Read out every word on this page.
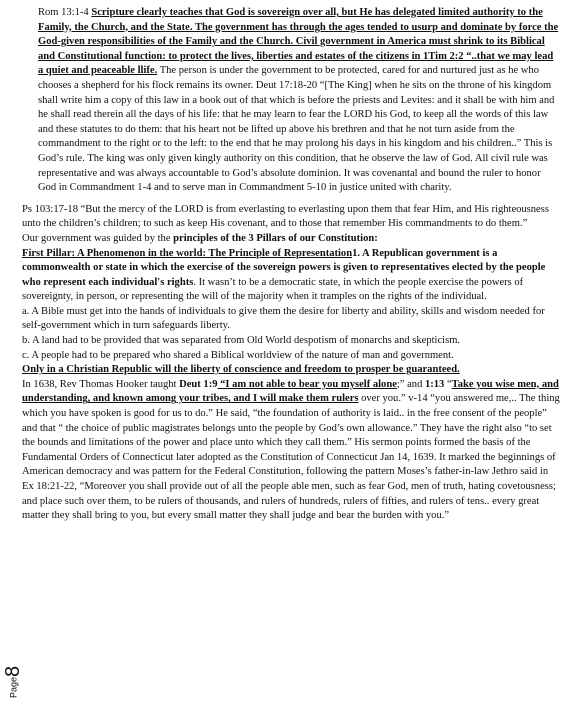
Rom 13:1-4 Scripture clearly teaches that God is sovereign over all, but He has delegated limited authority to the Family, the Church, and the State. The government has through the ages tended to usurp and dominate by force the God-given responsibilities of the Family and the Church. Civil government in America must shrink to its Biblical and Constitutional function: to protect the lives, liberties and estates of the citizens in 1Tim 2:2 “..that we may lead a quiet and peaceable llife. The person is under the government to be protected, cared for and nurtured just as he who chooses a shepherd for his flock remains its owner. Deut 17:18-20 “[The King] when he sits on the throne of his kingdom shall write him a copy of this law in a book out of that which is before the priests and Levites: and it shall be with him and he shall read therein all the days of his life: that he may learn to fear the LORD his God, to keep all the words of this law and these statutes to do them: that his heart not be lifted up above his brethren and that he not turn aside from the commandment to the right or to the left: to the end that he may prolong his days in his kingdom and his children..” This is God’s rule. The king was only given kingly authority on this condition, that he observe the law of God. All civil rule was representative and was always accountable to God’s absolute dominion. It was covenantal and bound the ruler to honor God in Commandment 1-4 and to serve man in Commandment 5-10 in justice united with charity.

Ps 103:17-18 “But the mercy of the LORD is from everlasting to everlasting upon them that fear Him, and His righteousness unto the children’s children; to such as keep His covenant, and to those that remember His commandments to do them.”

Our government was guided by the principles of the 3 Pillars of our Constitution:

First Pillar: A Phenomenon in the world: The Principle of Representation1. A Republican government is a commonwealth or state in which the exercise of the sovereign powers is given to representatives elected by the people who represent each individual's rights. It wasn’t to be a democratic state, in which the people exercise the powers of sovereignty, in person, or representing the will of the majority when it tramples on the rights of the individual.

a. A Bible must get into the hands of individuals to give them the desire for liberty and ability, skills and wisdom needed for self-government which in turn safeguards liberty.

b. A land had to be provided that was separated from Old World despotism of monarchs and skepticism.

c. A people had to be prepared who shared a Biblical worldview of the nature of man and government.

Only in a Christian Republic will the liberty of conscience and freedom to prosper be guaranteed.

In 1638, Rev Thomas Hooker taught Deut 1:9 “I am not able to bear you myself alone;” and 1:13 “Take you wise men, and understanding, and known among your tribes, and I will make them rulers over you.” v-14 “you answered me,.. The thing which you have spoken is good for us to do.” He said, “the foundation of authority is laid.. in the free consent of the people” and that “ the choice of public magistrates belongs unto the people by God’s own allowance.” They have the right also “to set the bounds and limitations of the power and place unto which they call them.” His sermon points formed the basis of the Fundamental Orders of Connecticut later adopted as the Constitution of Connecticut Jan 14, 1639. It marked the beginnings of American democracy and was pattern for the Federal Constitution, following the pattern Moses’s father-in-law Jethro said in Ex 18:21-22, “Moreover you shall provide out of all the people able men, such as fear God, men of truth, hating covetousness; and place such over them, to be rulers of thousands, and rulers of hundreds, rulers of fifties, and rulers of tens.. every great matter they shall bring to you, but every small matter they shall judge and bear the burden with you.”

Page8
